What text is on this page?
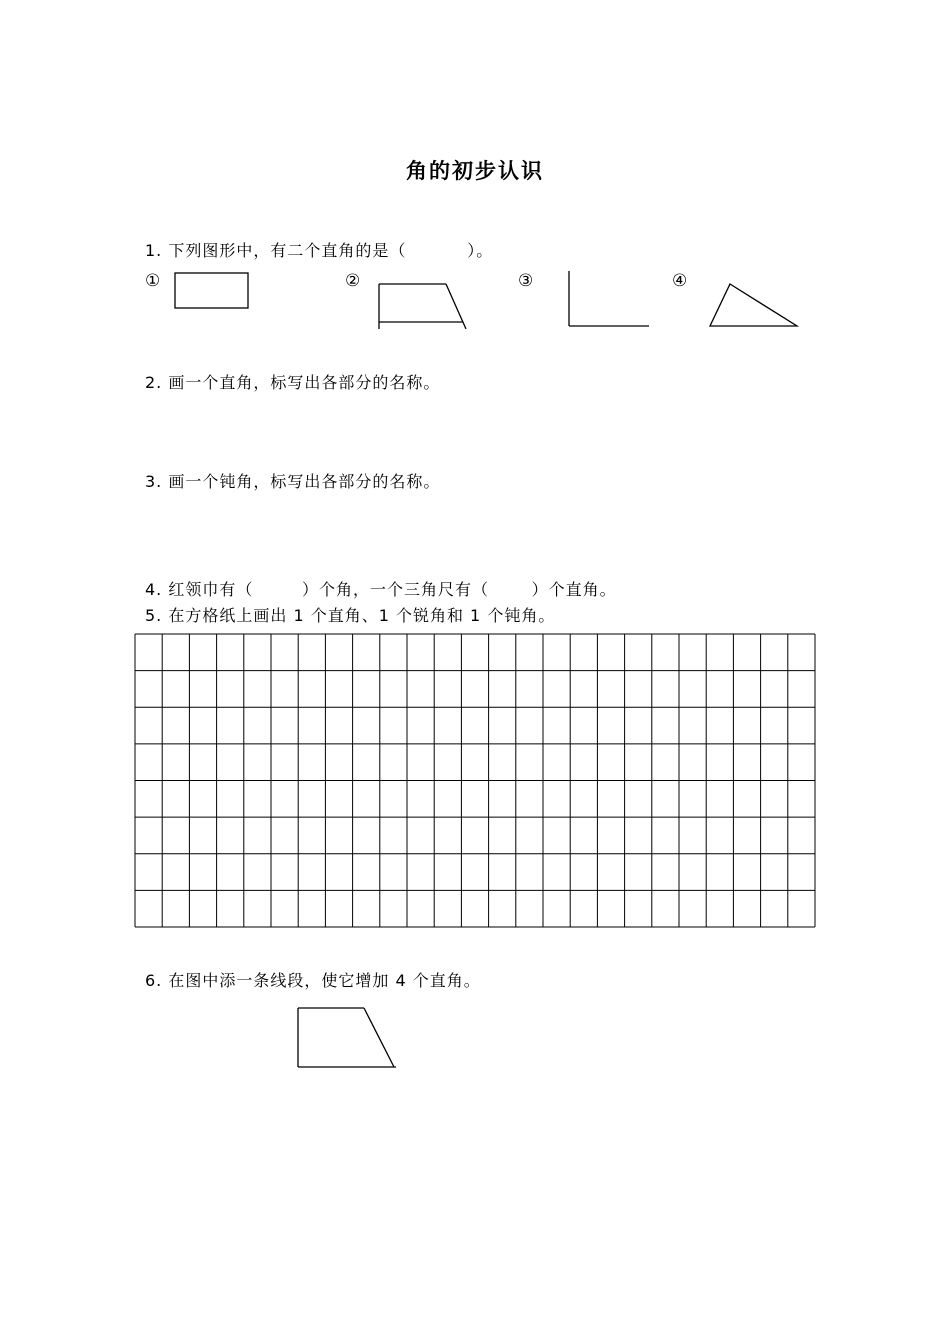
角的初步认识
1. 下列图形中，有二个直角的是（          ）。
①	②	③	④
2. 画一个直角，标写出各部分的名称。
3. 画一个钝角，标写出各部分的名称。
4. 红领巾有（        ）个角，一个三角尺有（       ）个直角。
5. 在方格纸上画出 1 个直角、1 个锐角和 1 个钝角。
6. 在图中添一条线段，使它增加 4 个直角。
